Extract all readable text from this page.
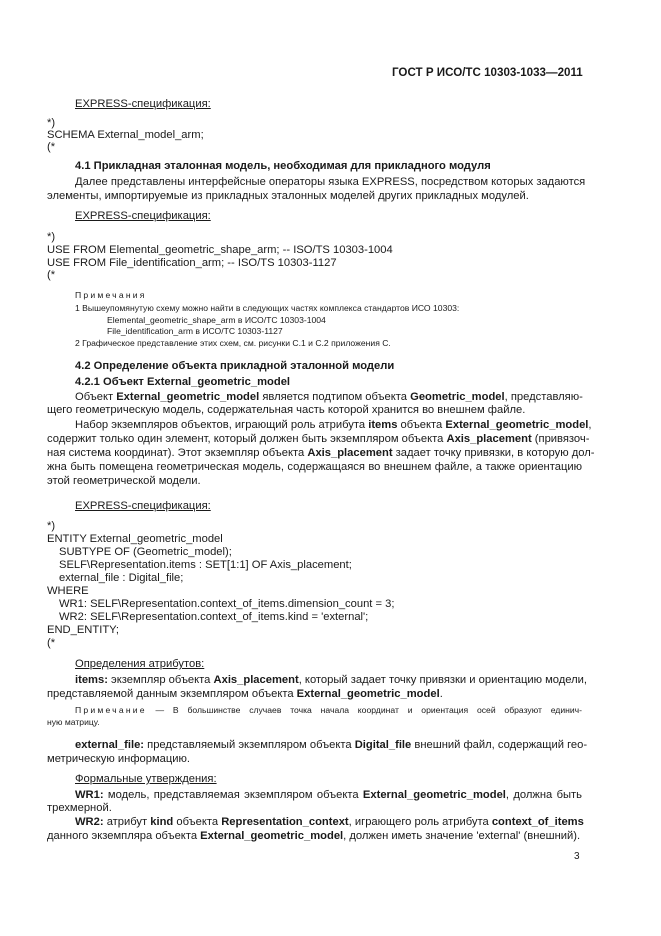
ГОСТ Р ИСО/ТС 10303-1033—2011
EXPRESS-спецификация:
*)
SCHEMA External_model_arm;
(*
4.1 Прикладная эталонная модель, необходимая для прикладного модуля
Далее представлены интерфейсные операторы языка EXPRESS, посредством которых задаются
элементы, импортируемые из прикладных эталонных моделей других прикладных модулей.
EXPRESS-спецификация:
*)
USE FROM Elemental_geometric_shape_arm; -- ISO/TS 10303-1004
USE FROM File_identification_arm; -- ISO/TS 10303-1127
(*
Примечания
1 Вышеупомянутую схему можно найти в следующих частях комплекса стандартов ИСО 10303:
Elemental_geometric_shape_arm в ИСО/ТС 10303-1004
File_identification_arm в ИСО/ТС 10303-1127
2 Графическое представление этих схем, см. рисунки С.1 и С.2 приложения С.
4.2 Определение объекта прикладной эталонной модели
4.2.1 Объект External_geometric_model
Объект External_geometric_model является подтипом объекта Geometric_model, представляю-
щего геометрическую модель, содержательная часть которой хранится во внешнем файле.
Набор экземпляров объектов, играющий роль атрибута items объекта External_geometric_model,
содержит только один элемент, который должен быть экземпляром объекта Axis_placement (привязоч-
ная система координат). Этот экземпляр объекта Axis_placement задает точку привязки, в которую дол-
жна быть помещена геометрическая модель, содержащаяся во внешнем файле, а также ориентацию
этой геометрической модели.
EXPRESS-спецификация:
*)
ENTITY External_geometric_model
SUBTYPE OF (Geometric_model);
SELF\Representation.items : SET[1:1] OF Axis_placement;
external_file : Digital_file;
WHERE
WR1: SELF\Representation.context_of_items.dimension_count = 3;
WR2: SELF\Representation.context_of_items.kind = 'external';
END_ENTITY;
(*
Определения атрибутов:
items: экземпляр объекта Axis_placement, который задает точку привязки и ориентацию модели,
представляемой данным экземпляром объекта External_geometric_model.
Примечание — В большинстве случаев точка начала координат и ориентация осей образуют единич-
ную матрицу.
external_file: представляемый экземпляром объекта Digital_file внешний файл, содержащий гео-
метрическую информацию.
Формальные утверждения:
WR1: модель, представляемая экземпляром объекта External_geometric_model, должна быть
трехмерной.
WR2: атрибут kind объекта Representation_context, играющего роль атрибута context_of_items
данного экземпляра объекта External_geometric_model, должен иметь значение 'external' (внешний).
3
